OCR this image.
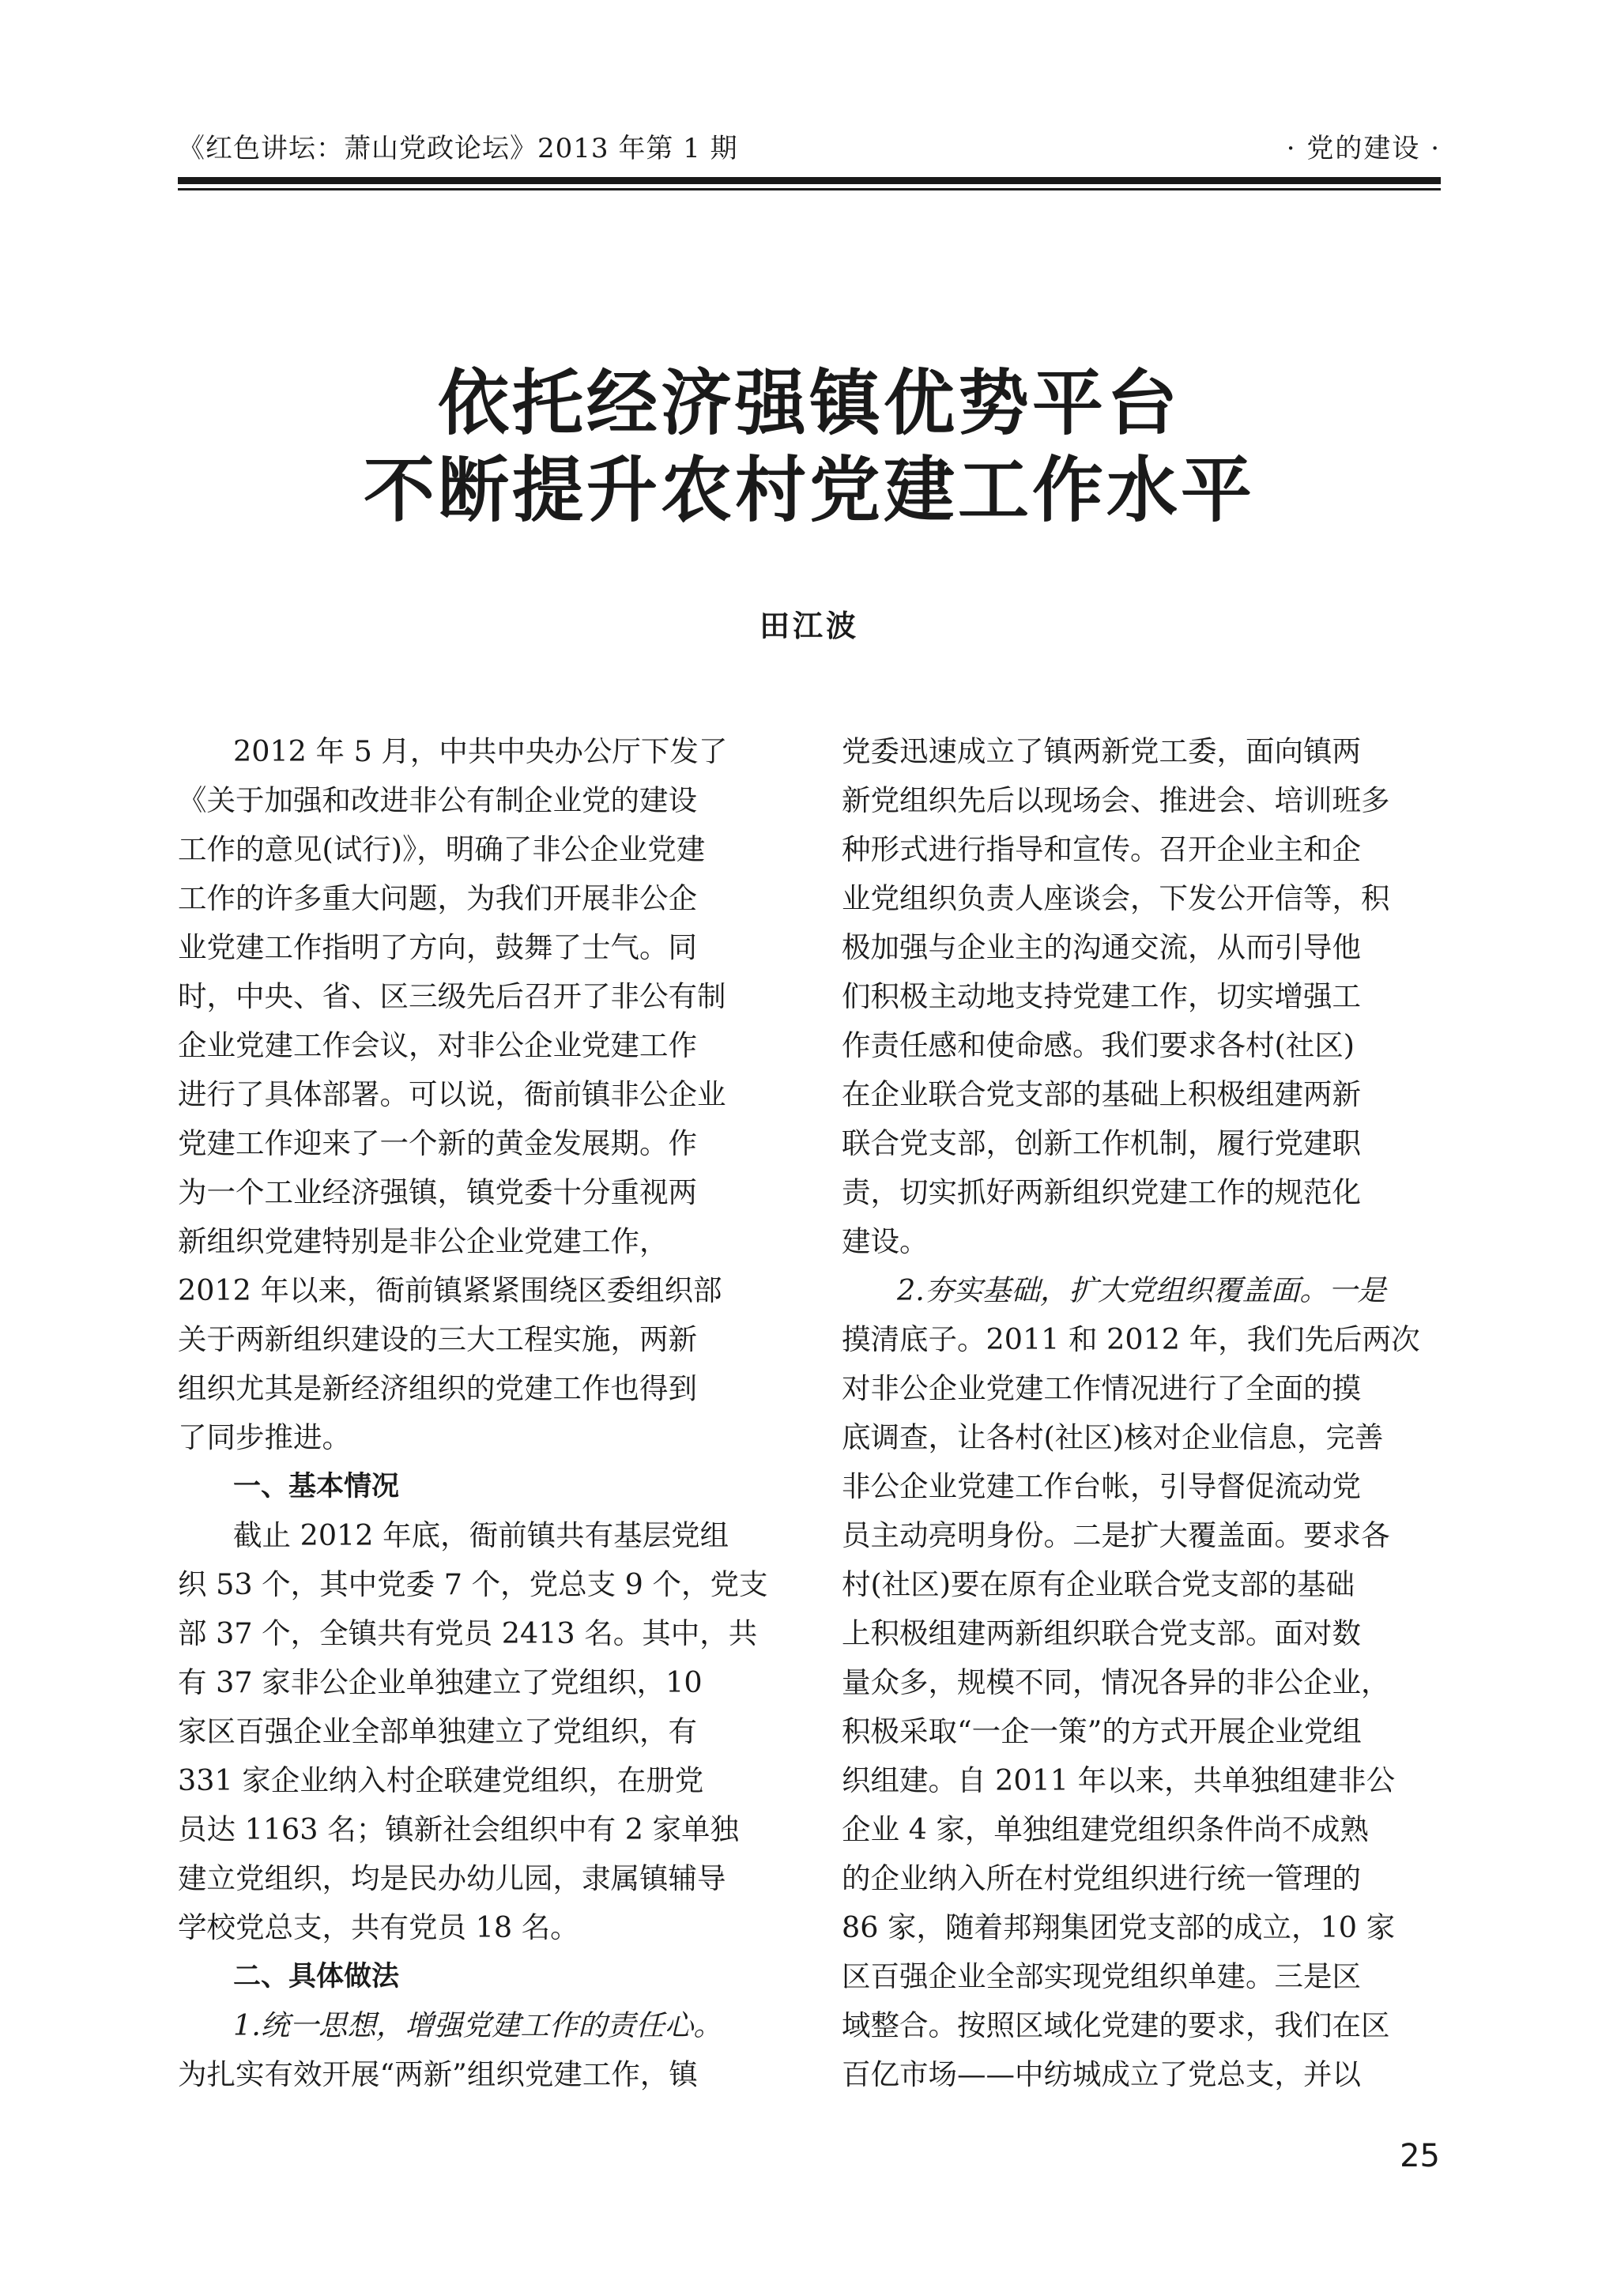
《红色讲坛：萧山党政论坛》2013 年第 1 期	· 党的建设 ·
依托经济强镇优势平台
不断提升农村党建工作水平
田江波
2012 年 5 月，中共中央办公厅下发了
《关于加强和改进非公有制企业党的建设
工作的意见(试行)》，明确了非公企业党建
工作的许多重大问题，为我们开展非公企
业党建工作指明了方向，鼓舞了士气。同
时，中央、省、区三级先后召开了非公有制
企业党建工作会议，对非公企业党建工作
进行了具体部署。可以说，衙前镇非公企业
党建工作迎来了一个新的黄金发展期。作
为一个工业经济强镇，镇党委十分重视两
新组织党建特别是非公企业党建工作，
2012 年以来，衙前镇紧紧围绕区委组织部
关于两新组织建设的三大工程实施，两新
组织尤其是新经济组织的党建工作也得到
了同步推进。
一、基本情况
截止 2012 年底，衙前镇共有基层党组
织 53 个，其中党委 7 个，党总支 9 个，党支
部 37 个，全镇共有党员 2413 名。其中，共
有 37 家非公企业单独建立了党组织，10
家区百强企业全部单独建立了党组织，有
331 家企业纳入村企联建党组织，在册党
员达 1163 名；镇新社会组织中有 2 家单独
建立党组织，均是民办幼儿园，隶属镇辅导
学校党总支，共有党员 18 名。
二、具体做法
1.统一思想，增强党建工作的责任心。
为扎实有效开展“两新”组织党建工作，镇
党委迅速成立了镇两新党工委，面向镇两
新党组织先后以现场会、推进会、培训班多
种形式进行指导和宣传。召开企业主和企
业党组织负责人座谈会，下发公开信等，积
极加强与企业主的沟通交流，从而引导他
们积极主动地支持党建工作，切实增强工
作责任感和使命感。我们要求各村(社区)
在企业联合党支部的基础上积极组建两新
联合党支部，创新工作机制，履行党建职
责，切实抓好两新组织党建工作的规范化
建设。
2.夯实基础，扩大党组织覆盖面。一是
摸清底子。2011 和 2012 年，我们先后两次
对非公企业党建工作情况进行了全面的摸
底调查，让各村(社区)核对企业信息，完善
非公企业党建工作台帐，引导督促流动党
员主动亮明身份。二是扩大覆盖面。要求各
村(社区)要在原有企业联合党支部的基础
上积极组建两新组织联合党支部。面对数
量众多，规模不同，情况各异的非公企业，
积极采取“一企一策”的方式开展企业党组
织组建。自 2011 年以来，共单独组建非公
企业 4 家，单独组建党组织条件尚不成熟
的企业纳入所在村党组织进行统一管理的
86 家，随着邦翔集团党支部的成立，10 家
区百强企业全部实现党组织单建。三是区
域整合。按照区域化党建的要求，我们在区
百亿市场——中纺城成立了党总支，并以
25
